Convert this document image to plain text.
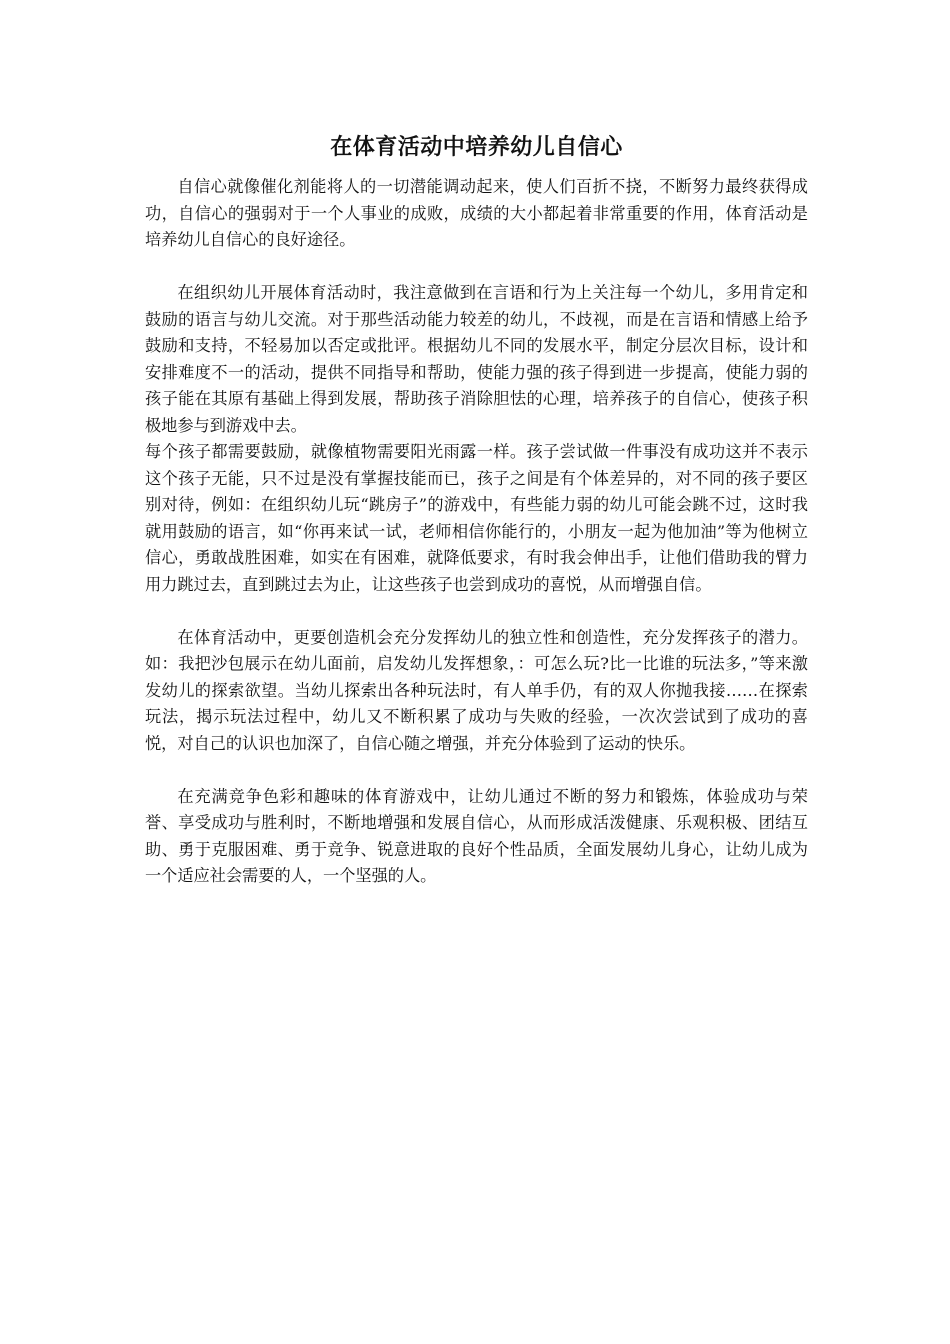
在体育活动中培养幼儿自信心

自信心就像催化剂能将人的一切潜能调动起来，使人们百折不挠，不断努力最终获得成功，自信心的强弱对于一个人事业的成败，成绩的大小都起着非常重要的作用，体育活动是培养幼儿自信心的良好途径。

在组织幼儿开展体育活动时，我注意做到在言语和行为上关注每一个幼儿，多用肯定和鼓励的语言与幼儿交流。对于那些活动能力较差的幼儿，不歧视，而是在言语和情感上给予鼓励和支持，不轻易加以否定或批评。根据幼儿不同的发展水平，制定分层次目标，设计和安排难度不一的活动，提供不同指导和帮助，使能力强的孩子得到进一步提高，使能力弱的孩子能在其原有基础上得到发展，帮助孩子消除胆怯的心理，培养孩子的自信心，使孩子积极地参与到游戏中去。

每个孩子都需要鼓励，就像植物需要阳光雨露一样。孩子尝试做一件事没有成功这并不表示这个孩子无能，只不过是没有掌握技能而已，孩子之间是有个体差异的，对不同的孩子要区别对待，例如：在组织幼儿玩“跳房子”的游戏中，有些能力弱的幼儿可能会跳不过，这时我就用鼓励的语言，如“你再来试一试，老师相信你能行的，小朋友一起为他加油”等为他树立信心，勇敢战胜困难，如实在有困难，就降低要求，有时我会伸出手，让他们借助我的臂力用力跳过去，直到跳过去为止，让这些孩子也尝到成功的喜悦，从而增强自信。

在体育活动中，更要创造机会充分发挥幼儿的独立性和创造性，充分发挥孩子的潜力。如：我把沙包展示在幼儿面前，启发幼儿发挥想象，：可怎么玩?比一比谁的玩法多，”等来激发幼儿的探索欲望。当幼儿探索出各种玩法时，有人单手仍，有的双人你抛我接……在探索玩法，揭示玩法过程中，幼儿又不断积累了成功与失败的经验，一次次尝试到了成功的喜悦，对自己的认识也加深了，自信心随之增强，并充分体验到了运动的快乐。

在充满竞争色彩和趣味的体育游戏中，让幼儿通过不断的努力和锻炼，体验成功与荣誉、享受成功与胜利时，不断地增强和发展自信心，从而形成活泼健康、乐观积极、团结互助、勇于克服困难、勇于竞争、锐意进取的良好个性品质，全面发展幼儿身心，让幼儿成为一个适应社会需要的人，一个坚强的人。
